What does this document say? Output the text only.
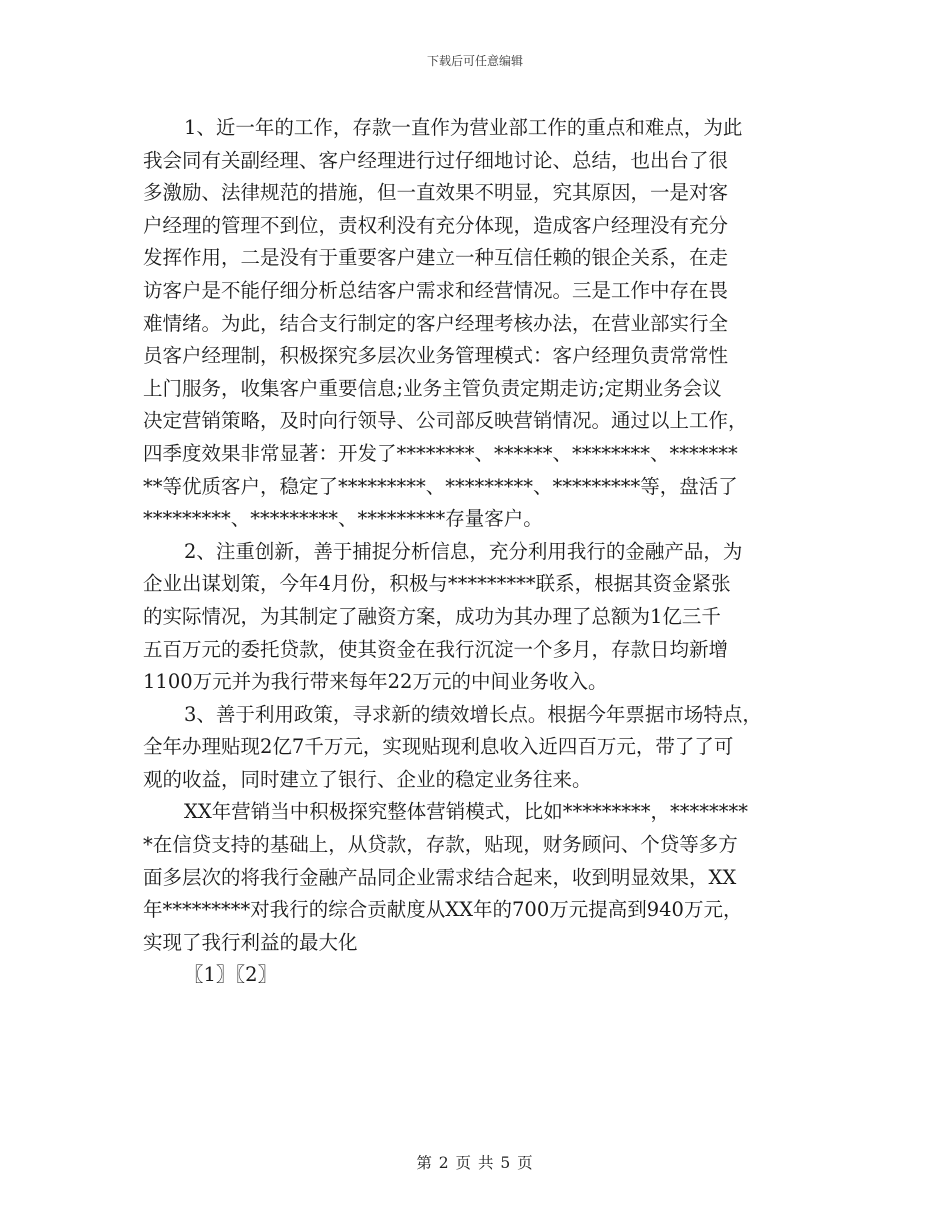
下载后可任意编辑
1、近一年的工作，存款一直作为营业部工作的重点和难点，为此
我会同有关副经理、客户经理进行过仔细地讨论、总结，也出台了很
多激励、法律规范的措施，但一直效果不明显，究其原因，一是对客
户经理的管理不到位，责权利没有充分体现，造成客户经理没有充分
发挥作用，二是没有于重要客户建立一种互信任赖的银企关系，在走
访客户是不能仔细分析总结客户需求和经营情况。三是工作中存在畏
难情绪。为此，结合支行制定的客户经理考核办法，在营业部实行全
员客户经理制，积极探究多层次业务管理模式：客户经理负责常常性
上门服务，收集客户重要信息;业务主管负责定期走访;定期业务会议
决定营销策略，及时向行领导、公司部反映营销情况。通过以上工作，
四季度效果非常显著：开发了********、******、********、*******
**等优质客户，稳定了*********、*********、*********等，盘活了
*********、*********、*********存量客户。
2、注重创新，善于捕捉分析信息，充分利用我行的金融产品，为
企业出谋划策，今年4月份，积极与*********联系，根据其资金紧张
的实际情况，为其制定了融资方案，成功为其办理了总额为1亿三千
五百万元的委托贷款，使其资金在我行沉淀一个多月，存款日均新增
1100万元并为我行带来每年22万元的中间业务收入。
3、善于利用政策，寻求新的绩效增长点。根据今年票据市场特点，
全年办理贴现2亿7千万元，实现贴现利息收入近四百万元，带了了可
观的收益，同时建立了银行、企业的稳定业务往来。
XX年营销当中积极探究整体营销模式，比如*********，********
*在信贷支持的基础上，从贷款，存款，贴现，财务顾问、个贷等多方
面多层次的将我行金融产品同企业需求结合起来，收到明显效果，XX
年*********对我行的综合贡献度从XX年的700万元提高到940万元，
实现了我行利益的最大化
〖1〗〖2〗
第 2 页 共 5 页
